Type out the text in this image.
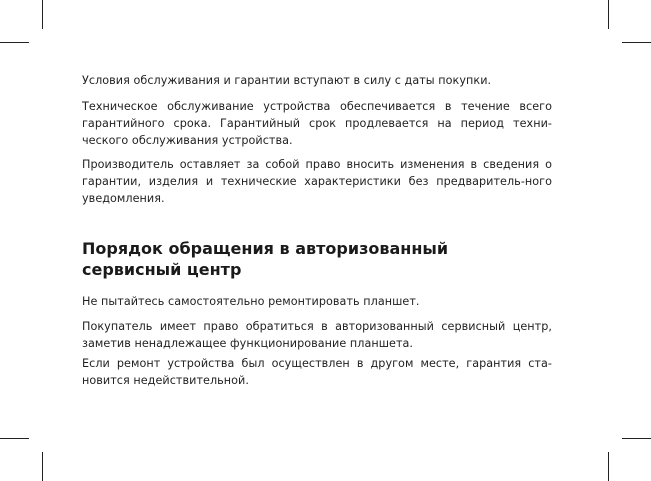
Условия обслуживания и гарантии вступают в силу с даты покупки.

Техническое обслуживание устройства обеспечивается в течение всего гарантийного срока. Гарантийный срок продлевается на период техни-ческого обслуживания устройства.

Производитель оставляет за собой право вносить изменения в сведения о гарантии, изделия и технические характеристики без предваритель-ного уведомления.

Порядок обращения в авторизованный
сервисный центр

Не пытайтесь самостоятельно ремонтировать планшет.

Покупатель имеет право обратиться в авторизованный сервисный центр, заметив ненадлежащее функционирование планшета.

Если ремонт устройства был осуществлен в другом месте, гарантия ста-новится недействительной.
